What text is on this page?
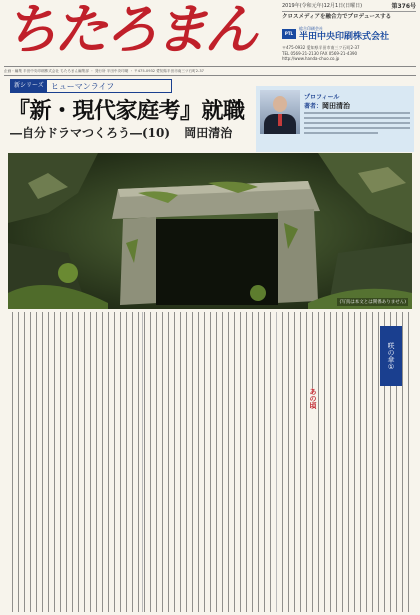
ちたろまん	2019年(令和元年)12月1日(日曜日)	第376号
クロスメディアを融合力でプロデュースする
PTL
総合印刷会社
半田中央印刷株式会社
〒475-0932 愛知県半田市南三ツ石町2-37
TEL 0569-21-2130 FAX 0569-21-4390
http://www.handa-chuo.co.jp
企画・編集 半田中央印刷株式会社 ちたろまん編集部 ・ 発行所 半田中央印刷 ・ 〒475-0932 愛知県半田市南三ツ石町2-37
新シリーズ ヒューマンライフ
『新・現代家庭考』就職
―自分ドラマつくろう―(10) 岡田清治
プロフィール
著者：岡田清治
(写真は本文とは関係ありません)
咲の傘①
あの頃
